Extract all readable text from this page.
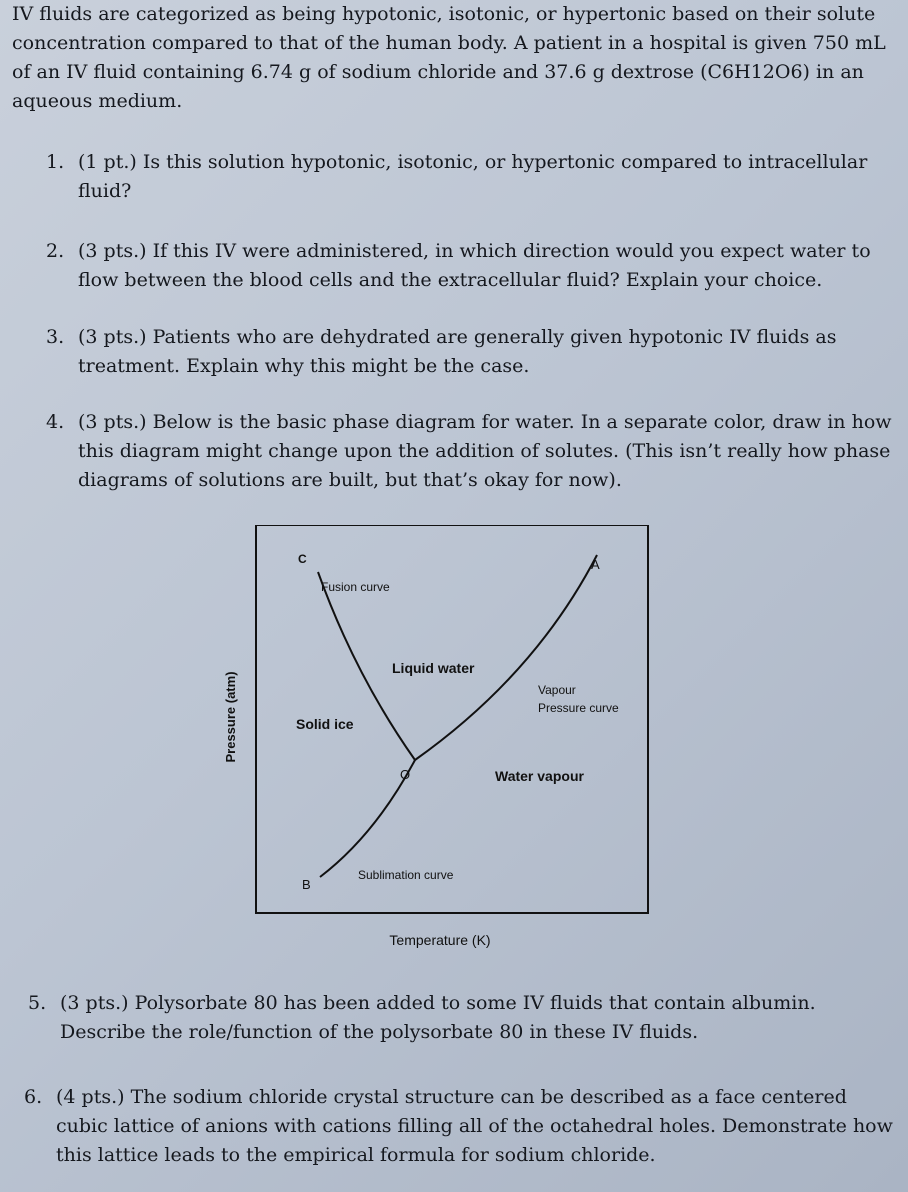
IV fluids are categorized as being hypotonic, isotonic, or hypertonic based on their solute concentration compared to that of the human body. A patient in a hospital is given 750 mL of an IV fluid containing 6.74 g of sodium chloride and 37.6 g dextrose (C6H12O6) in an aqueous medium.

1. (1 pt.) Is this solution hypotonic, isotonic, or hypertonic compared to intracellular fluid?
2. (3 pts.) If this IV were administered, in which direction would you expect water to flow between the blood cells and the extracellular fluid? Explain your choice.
3. (3 pts.) Patients who are dehydrated are generally given hypotonic IV fluids as treatment. Explain why this might be the case.
4. (3 pts.) Below is the basic phase diagram for water. In a separate color, draw in how this diagram might change upon the addition of solutes. (This isn’t really how phase diagrams of solutions are built, but that’s okay for now).
C	A
B
O
Fusion curve
Liquid water
Vapour
Pressure curve
Solid ice
Water vapour
Sublimation curve
Temperature (K)
Pressure (atm)
5. (3 pts.) Polysorbate 80 has been added to some IV fluids that contain albumin. Describe the role/function of the polysorbate 80 in these IV fluids.
6. (4 pts.) The sodium chloride crystal structure can be described as a face centered cubic lattice of anions with cations filling all of the octahedral holes. Demonstrate how this lattice leads to the empirical formula for sodium chloride.
